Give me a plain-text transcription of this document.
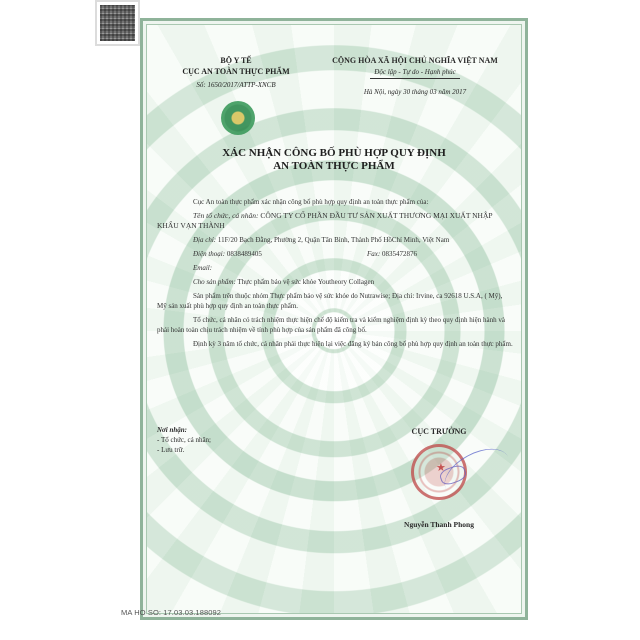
BỘ Y TẾ
CỤC AN TOÀN THỰC PHẨM
Số: 1650/2017/ATTP-XNCB
CỘNG HÒA XÃ HỘI CHỦ NGHĨA VIỆT NAM
Độc lập - Tự do - Hạnh phúc
Hà Nội, ngày 30 tháng 03 năm 2017
XÁC NHẬN CÔNG BỐ PHÙ HỢP QUY ĐỊNH
AN TOÀN THỰC PHẨM
Cục An toàn thực phẩm xác nhận công bố phù hợp quy định an toàn thực phẩm của:
Tên tổ chức, cá nhân: CÔNG TY CỔ PHẦN ĐẦU TƯ SẢN XUẤT THƯƠNG MẠI XUẤT NHẬP KHẨU VẠN THÀNH
Địa chỉ: 11F/20 Bạch Đằng, Phường 2, Quận Tân Bình, Thành Phố HồChí Minh, Việt Nam
Điện thoại: 0838489405	Fax: 0835472876
Email:
Cho sản phẩm: Thực phẩm bảo vệ sức khỏe Youtheory Collagen
Sản phẩm trên thuộc nhóm Thực phẩm bảo vệ sức khỏe do Nutrawise; Địa chỉ: Irvine, ca 92618 U.S.A, ( Mỹ), Mỹ sản xuất phù hợp quy định an toàn thực phẩm.
Tổ chức, cá nhân có trách nhiệm thực hiện chế độ kiểm tra và kiểm nghiệm định kỳ theo quy định hiện hành và phải hoàn toàn chịu trách nhiệm về tính phù hợp của sản phẩm đã công bố.
Định kỳ 3 năm tổ chức, cá nhân phải thực hiện lại việc đăng ký bản công bố phù hợp quy định an toàn thực phẩm.
Nơi nhận:
- Tổ chức, cá nhân;
- Lưu trữ.
CỤC TRƯỞNG
★
Nguyễn Thanh Phong
MA HO SO: 17.03.03.188092
